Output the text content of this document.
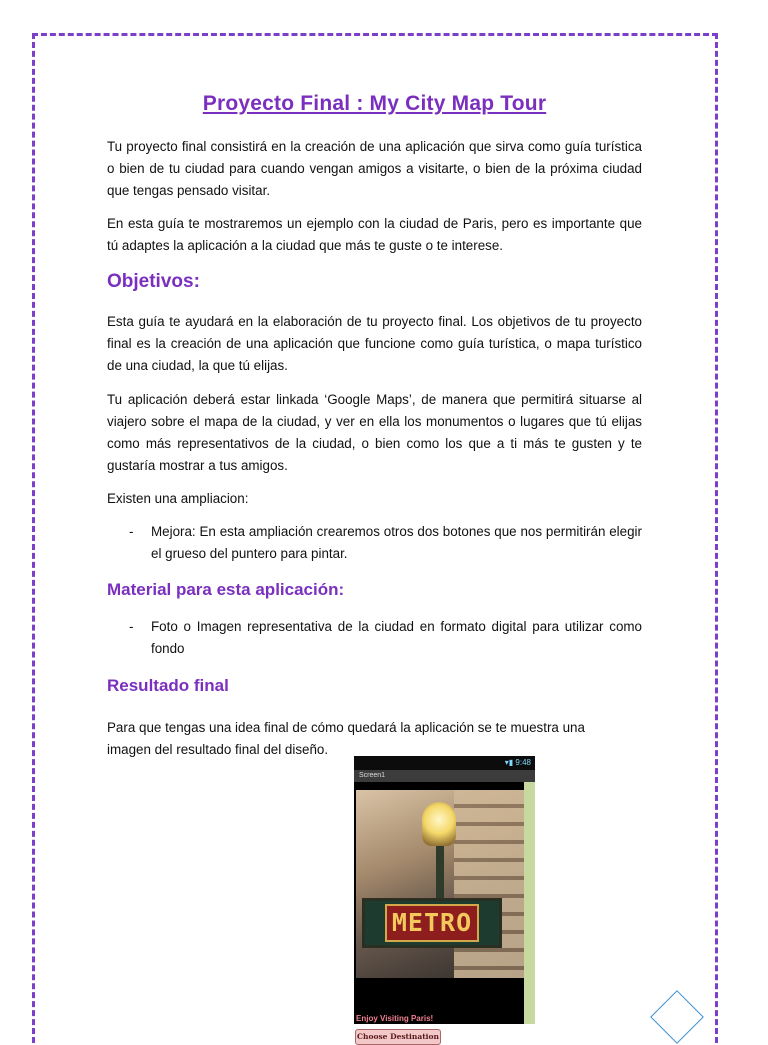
Proyecto Final : My City Map Tour

Tu proyecto final consistirá en la creación de una aplicación que sirva como guía turística o bien de tu ciudad para cuando vengan amigos a visitarte, o bien de la próxima ciudad que tengas pensado visitar.

En esta guía te mostraremos un ejemplo con la ciudad de Paris, pero es importante que tú adaptes la aplicación a la ciudad que más te guste o te interese.

Objetivos:

Esta guía te ayudará en la elaboración de tu proyecto final. Los objetivos de tu proyecto final es la creación de una aplicación que funcione como guía turística, o mapa turístico de una ciudad, la que tú elijas.

Tu aplicación deberá estar linkada ‘Google Maps’, de manera que permitirá situarse al viajero sobre el mapa de la ciudad, y ver en ella los monumentos o lugares que tú elijas como más representativos de la ciudad, o bien como los que a ti más te gusten y te gustaría mostrar a tus amigos.

Existen una ampliacion:

-	Mejora: En esta ampliación crearemos otros dos botones que nos permitirán elegir el grueso del puntero para pintar.
Material para esta aplicación:
-	Foto o Imagen representativa de la ciudad en formato digital para utilizar como fondo
Resultado final

Para que tengas una idea final de cómo quedará la aplicación se te muestra una

imagen del resultado final del diseño.

▾▮ 9:48
Screen1
METRO
Enjoy Visiting Paris!
Choose Destination
